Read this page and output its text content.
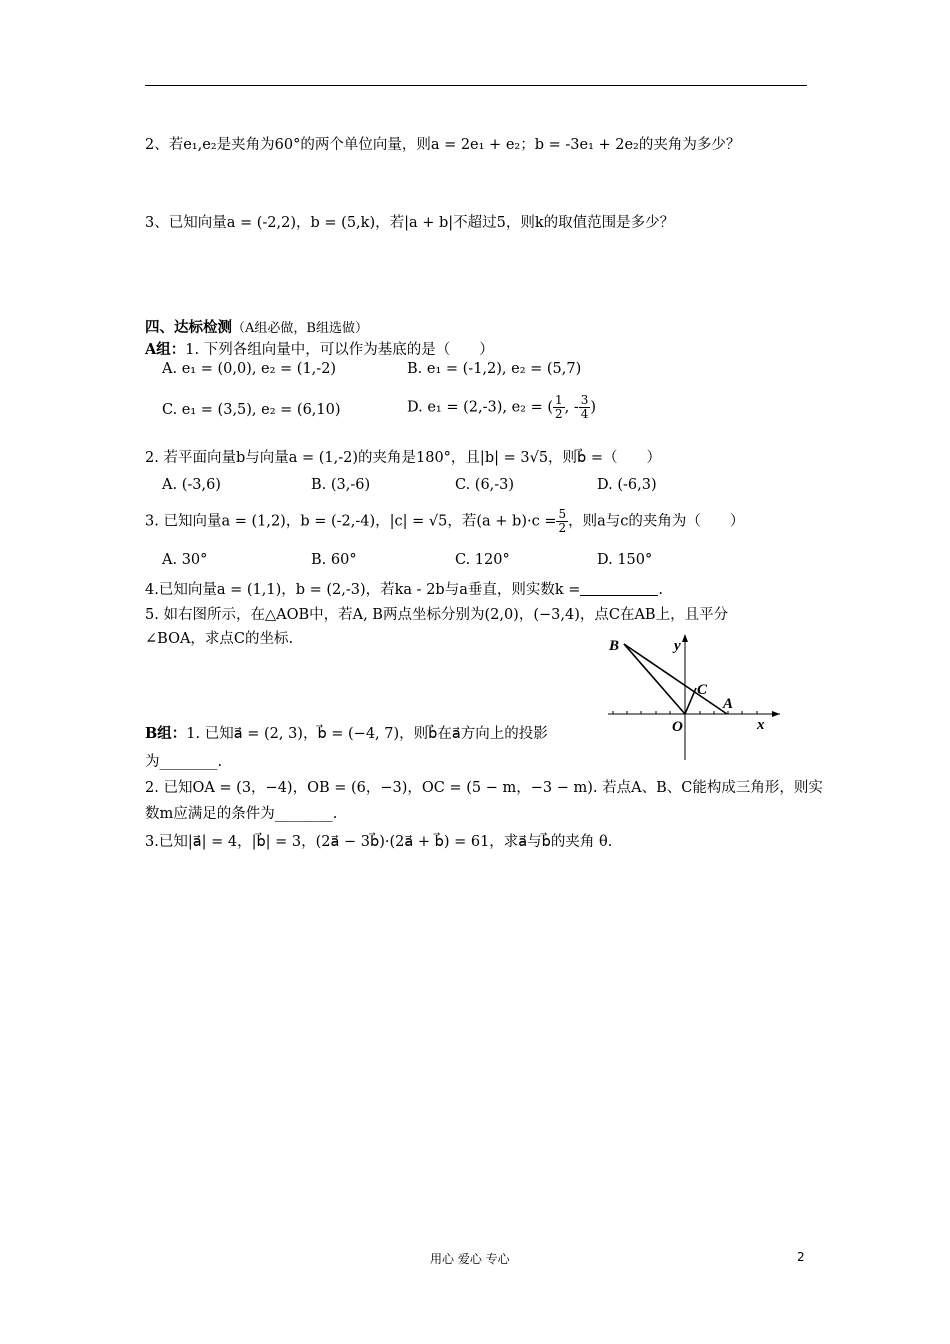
2、若e₁,e₂是夹角为60°的两个单位向量，则a = 2e₁ + e₂；b = -3e₁ + 2e₂的夹角为多少？
3、已知向量a = (-2,2)，b = (5,k)，若|a + b|不超过5，则k的取值范围是多少？
四、达标检测（A组必做，B组选做）
A组：1. 下列各组向量中，可以作为基底的是（　　）
A. e₁ = (0,0), e₂ = (1,-2)	B. e₁ = (-1,2), e₂ = (5,7)
C. e₁ = (3,5), e₂ = (6,10)	D. e₁ = (2,-3), e₂ = ( $\frac{1}{2}$ , - $\frac{3}{4}$ )
2. 若平面向量b与向量a = (1,-2)的夹角是180°，且|b| = 3√5，则b⃗ =（　　）
A. (-3,6)	B. (3,-6)	C. (6,-3)	D. (-6,3)
3. 已知向量a = (1,2)，b = (-2,-4)，|c| = √5，若$(a + b)\cdot c = \frac{5}{2}$ ，则a与c的夹角为（　　）
A. 30°	B. 60°	C. 120°	D. 150°
4.已知向量a = (1,1)，b = (2,-3)，若ka - 2b与a垂直，则实数k =	.
5. 如右图所示，在△AOB中，若A, B两点坐标分别为(2,0)，(−3,4)，点C在AB上，且平分
∠BOA，求点C的坐标.	B
C
A
O	x
y
B组：1. 已知a⃗ = (2, 3)，b⃗ = (−4, 7)，则b⃗在a⃗方向上的投影
为________.
2. 已知OA = (3，−4)，OB = (6，−3)，OC = (5 − m，−3 − m). 若点A、B、C能构成三角形，则实
数m应满足的条件为________.
3.已知|a⃗| = 4，|b⃗| = 3，(2a⃗ − 3b⃗)·(2a⃗ + b⃗) = 61，求a⃗与b⃗的夹角 θ.
用心 爱心 专心	2
